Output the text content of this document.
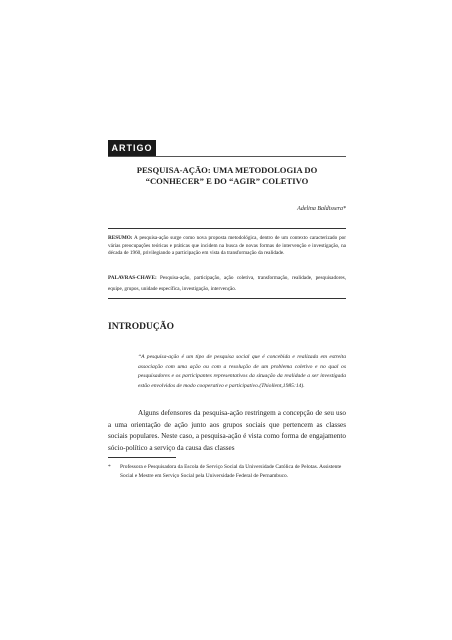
ARTIGO
PESQUISA-AÇÃO: UMA METODOLOGIA DO
“CONHECER” E DO “AGIR” COLETIVO
Adelina Baldissera*
RESUMO: A pesquisa-ação surge como nova proposta metodológica, dentro de um contexto caracterizado por várias preocupações teóricas e práticas que incidem na busca de novas formas de intervenção e investigação, na década de 1960, privilegiando a participação em vista da transformação da realidade.
PALAVRAS-CHAVE: Pesquisa-ação, participação, ação coletiva, transformação, realidade, pesquisadores, equipe, grupos, unidade específica, investigação, intervenção.
INTRODUÇÃO
“A pesquisa-ação é um tipo de pesquisa social que é concebida e realizada em estreita associação com uma ação ou com a resolução de um problema coletivo e no qual os pesquisadores e os participantes representativos da situação da realidade a ser investigada estão envolvidos de modo cooperativo e participativo.(Thiollent,1985:14).
Alguns defensores da pesquisa-ação restringem a concepção de seu uso a uma orientação de ação junto aos grupos sociais que pertencem as classes sociais populares. Neste caso, a pesquisa-ação é vista como forma de engajamento sócio-político a serviço da causa das classes
* Professora e Pesquisadora da Escola de Serviço Social da Universidade Católica de Pelotas. Assistente Social e Mestre em Serviço Social pela Universidade Federal de Pernambuco.
